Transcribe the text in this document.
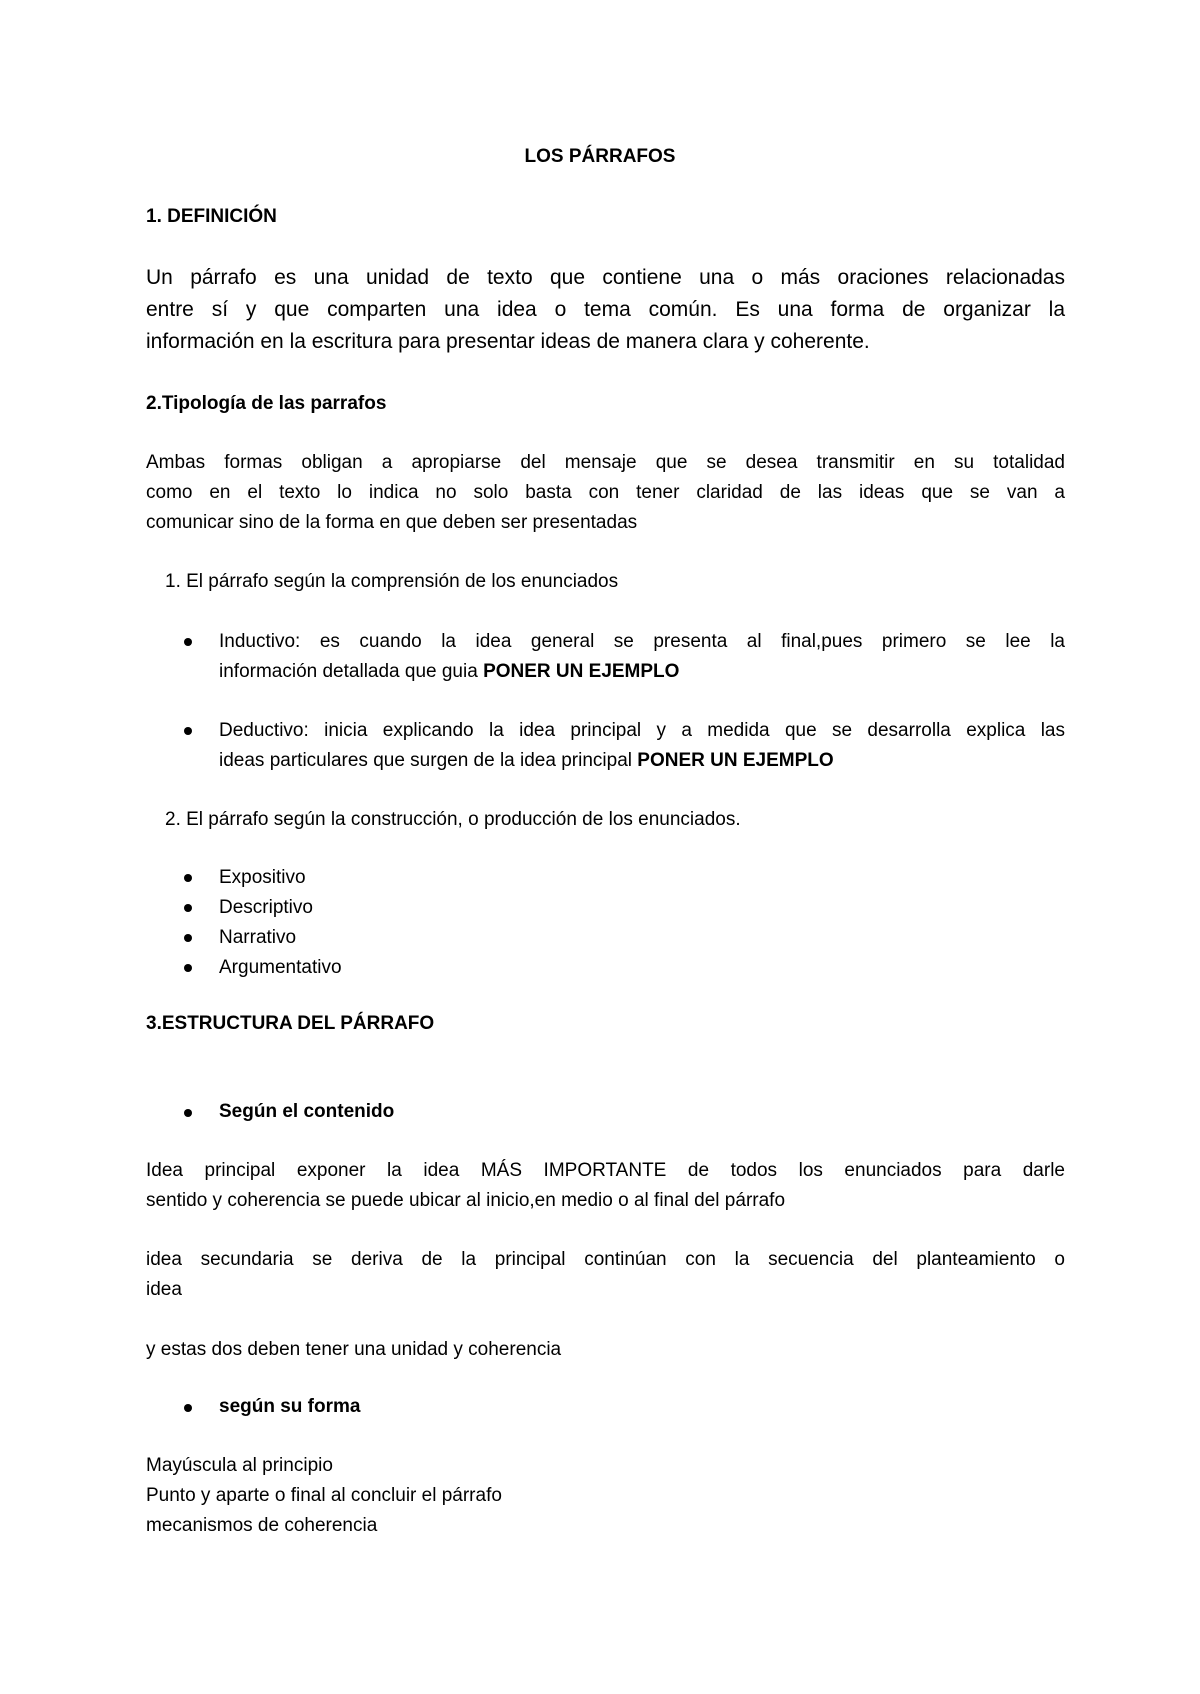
LOS PÁRRAFOS

1. DEFINICIÓN

Un párrafo es una unidad de texto que contiene una o más oraciones relacionadas
entre sí y que comparten una idea o tema común. Es una forma de organizar la
información en la escritura para presentar ideas de manera clara y coherente.

2.Tipología de las parrafos

Ambas formas obligan a apropiarse del mensaje que se desea transmitir en su totalidad
como en el texto lo indica no solo basta con tener claridad de las ideas que se van a
comunicar sino de la forma en que deben ser presentadas

1. El párrafo según la comprensión de los enunciados

Inductivo: es cuando la idea general se presenta al final,pues primero se lee la
información detallada que guia PONER UN EJEMPLO

Deductivo: inicia explicando la idea principal y a medida que se desarrolla explica las
ideas particulares que surgen de la idea principal PONER UN EJEMPLO

2. El párrafo según la construcción, o producción de los enunciados.

Expositivo

Descriptivo

Narrativo

Argumentativo

3.ESTRUCTURA DEL PÁRRAFO

Según el contenido

Idea principal exponer la idea MÁS IMPORTANTE de todos los enunciados para darle
sentido y coherencia se puede ubicar al inicio,en medio o al final del párrafo

idea secundaria se deriva de la principal continúan con la secuencia del planteamiento o
idea

y estas dos deben tener una unidad y coherencia

según su forma

Mayúscula al principio

Punto y aparte o final al concluir el párrafo

mecanismos de coherencia
